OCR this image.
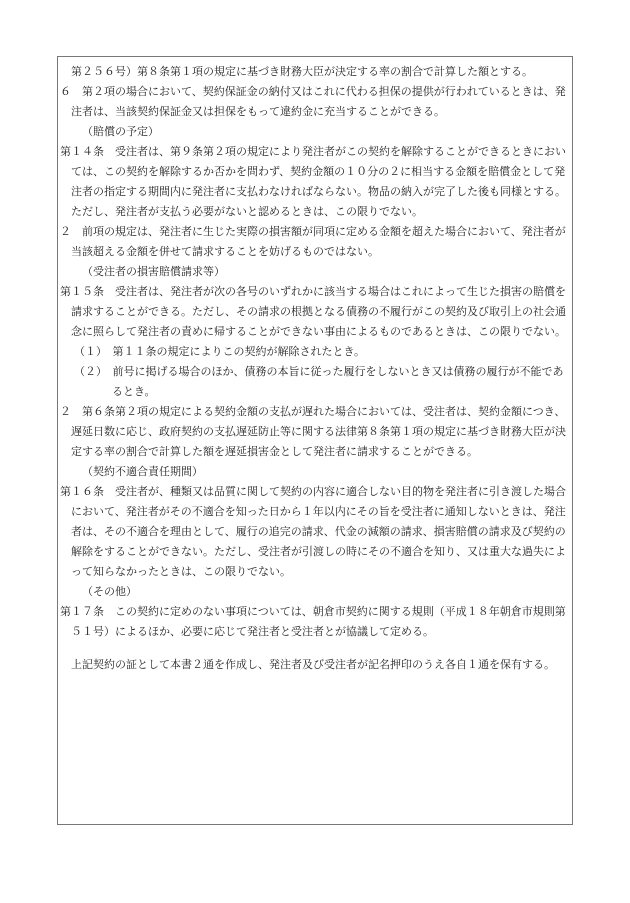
第２５６号）第８条第１項の規定に基づき財務大臣が決定する率の割合で計算した額とする。

６　第２項の場合において、契約保証金の納付又はこれに代わる担保の提供が行われているときは、発注者は、当該契約保証金又は担保をもって違約金に充当することができる。

（賠償の予定）

第１４条　受注者は、第９条第２項の規定により発注者がこの契約を解除することができるときにおいては、この契約を解除するか否かを問わず、契約金額の１０分の２に相当する金額を賠償金として発注者の指定する期間内に発注者に支払わなければならない。物品の納入が完了した後も同様とする。ただし、発注者が支払う必要がないと認めるときは、この限りでない。

２　前項の規定は、発注者に生じた実際の損害額が同項に定める金額を超えた場合において、発注者が当該超える金額を併せて請求することを妨げるものではない。

（受注者の損害賠償請求等）

第１５条　受注者は、発注者が次の各号のいずれかに該当する場合はこれによって生じた損害の賠償を請求することができる。ただし、その請求の根拠となる債務の不履行がこの契約及び取引上の社会通念に照らして発注者の責めに帰することができない事由によるものであるときは、この限りでない。

（１）　第１１条の規定によりこの契約が解除されたとき。

（２）　前号に掲げる場合のほか、債務の本旨に従った履行をしないとき又は債務の履行が不能であるとき。

２　第６条第２項の規定による契約金額の支払が遅れた場合においては、受注者は、契約金額につき、遅延日数に応じ、政府契約の支払遅延防止等に関する法律第８条第１項の規定に基づき財務大臣が決定する率の割合で計算した額を遅延損害金として発注者に請求することができる。

（契約不適合責任期間）

第１６条　受注者が、種類又は品質に関して契約の内容に適合しない目的物を発注者に引き渡した場合において、発注者がその不適合を知った日から１年以内にその旨を受注者に通知しないときは、発注者は、その不適合を理由として、履行の追完の請求、代金の減額の請求、損害賠償の請求及び契約の解除をすることができない。ただし、受注者が引渡しの時にその不適合を知り、又は重大な過失によって知らなかったときは、この限りでない。

（その他）

第１７条　この契約に定めのない事項については、朝倉市契約に関する規則（平成１８年朝倉市規則第５１号）によるほか、必要に応じて発注者と受注者とが協議して定める。

上記契約の証として本書２通を作成し、発注者及び受注者が記名押印のうえ各自１通を保有する。
